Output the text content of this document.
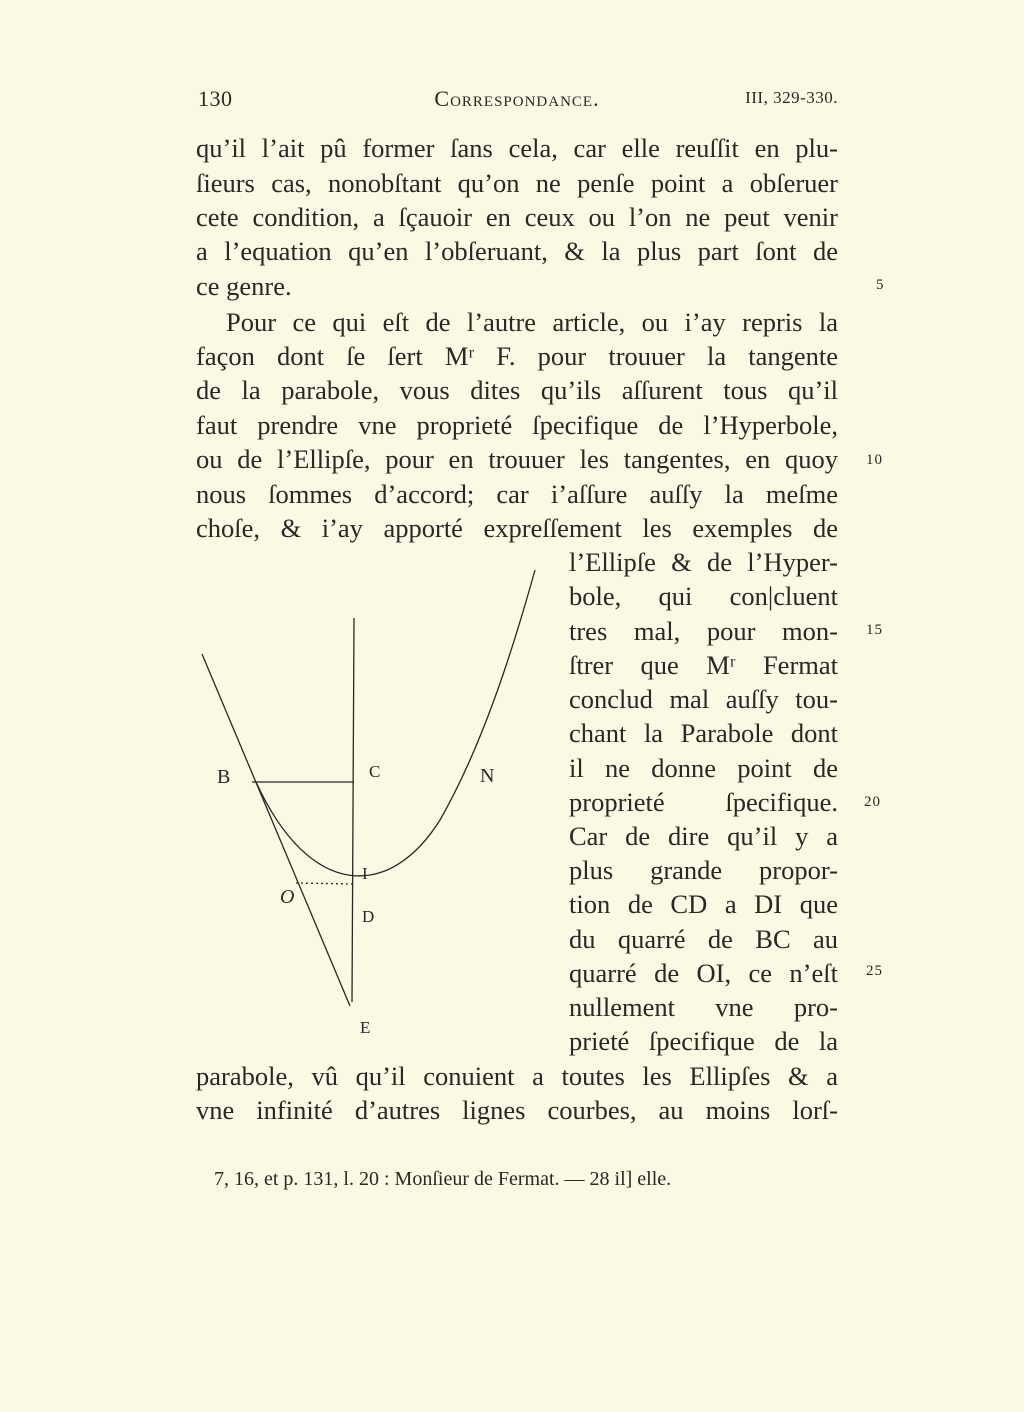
130	Correspondance.	III, 329-330.
qu’il l’ait pû former ſans cela, car elle reuſſit en plu-
ſieurs cas, nonobſtant qu’on ne penſe point a obſeruer
cete condition, a ſçauoir en ceux ou l’on ne peut venir
a l’equation qu’en l’obſeruant, & la plus part ſont de
ce genre.
Pour ce qui eſt de l’autre article, ou i’ay repris la
façon dont ſe ſert Mʳ F. pour trouuer la tangente
de la parabole, vous dites qu’ils aſſurent tous qu’il
faut prendre vne proprieté ſpecifique de l’Hyperbole,
ou de l’Ellipſe, pour en trouuer les tangentes, en quoy
nous ſommes d’accord; car i’aſſure auſſy la meſme
choſe, & i’ay apporté expreſſement les exemples de
l’Ellipſe & de l’Hyper-
bole, qui con|cluent
tres mal, pour mon-
ſtrer que Mʳ Fermat
conclud mal auſſy tou-
chant la Parabole dont
il ne donne point de
proprieté ſpecifique.
Car de dire qu’il y a
plus grande propor-
tion de CD a DI que
du quarré de BC au
quarré de OI, ce n’eſt
nullement vne pro-
prieté ſpecifique de la
parabole, vû qu’il conuient a toutes les Ellipſes & a
vne infinité d’autres lignes courbes, au moins lorſ-
5
10
15
20
25
B	C	N
I
O
D
E
7, 16, et p. 131, l. 20 : Monſieur de Fermat. — 28 il] elle.
